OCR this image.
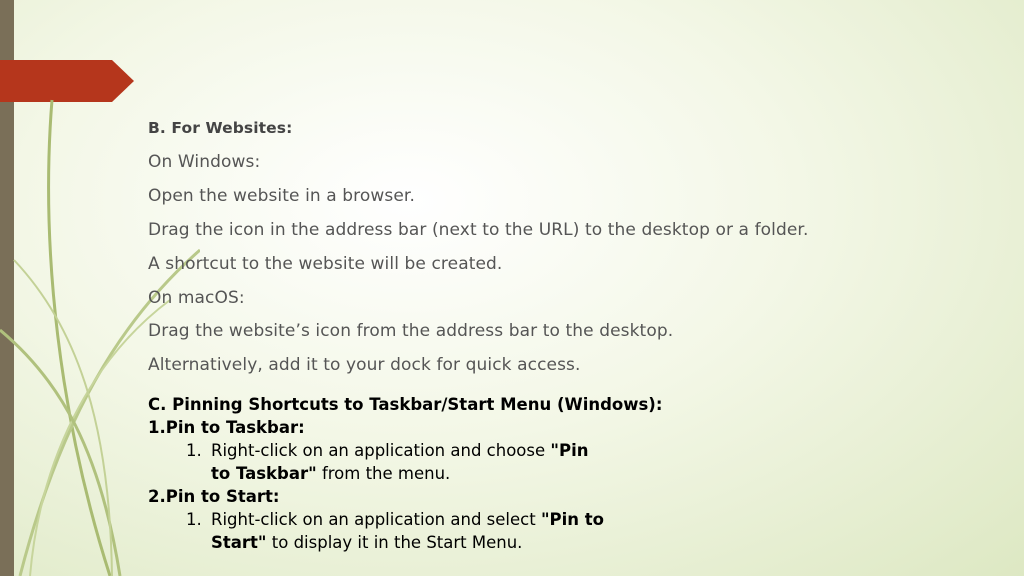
B. For Websites:
On Windows:
Open the website in a browser.
Drag the icon in the address bar (next to the URL) to the desktop or a folder.
A shortcut to the website will be created.
On macOS:
Drag the website’s icon from the address bar to the desktop.
Alternatively, add it to your dock for quick access.
C. Pinning Shortcuts to Taskbar/Start Menu (Windows):
1.Pin to Taskbar:
1. Right-click on an application and choose "Pin
to Taskbar" from the menu.
2.Pin to Start:
1. Right-click on an application and select "Pin to
Start" to display it in the Start Menu.
